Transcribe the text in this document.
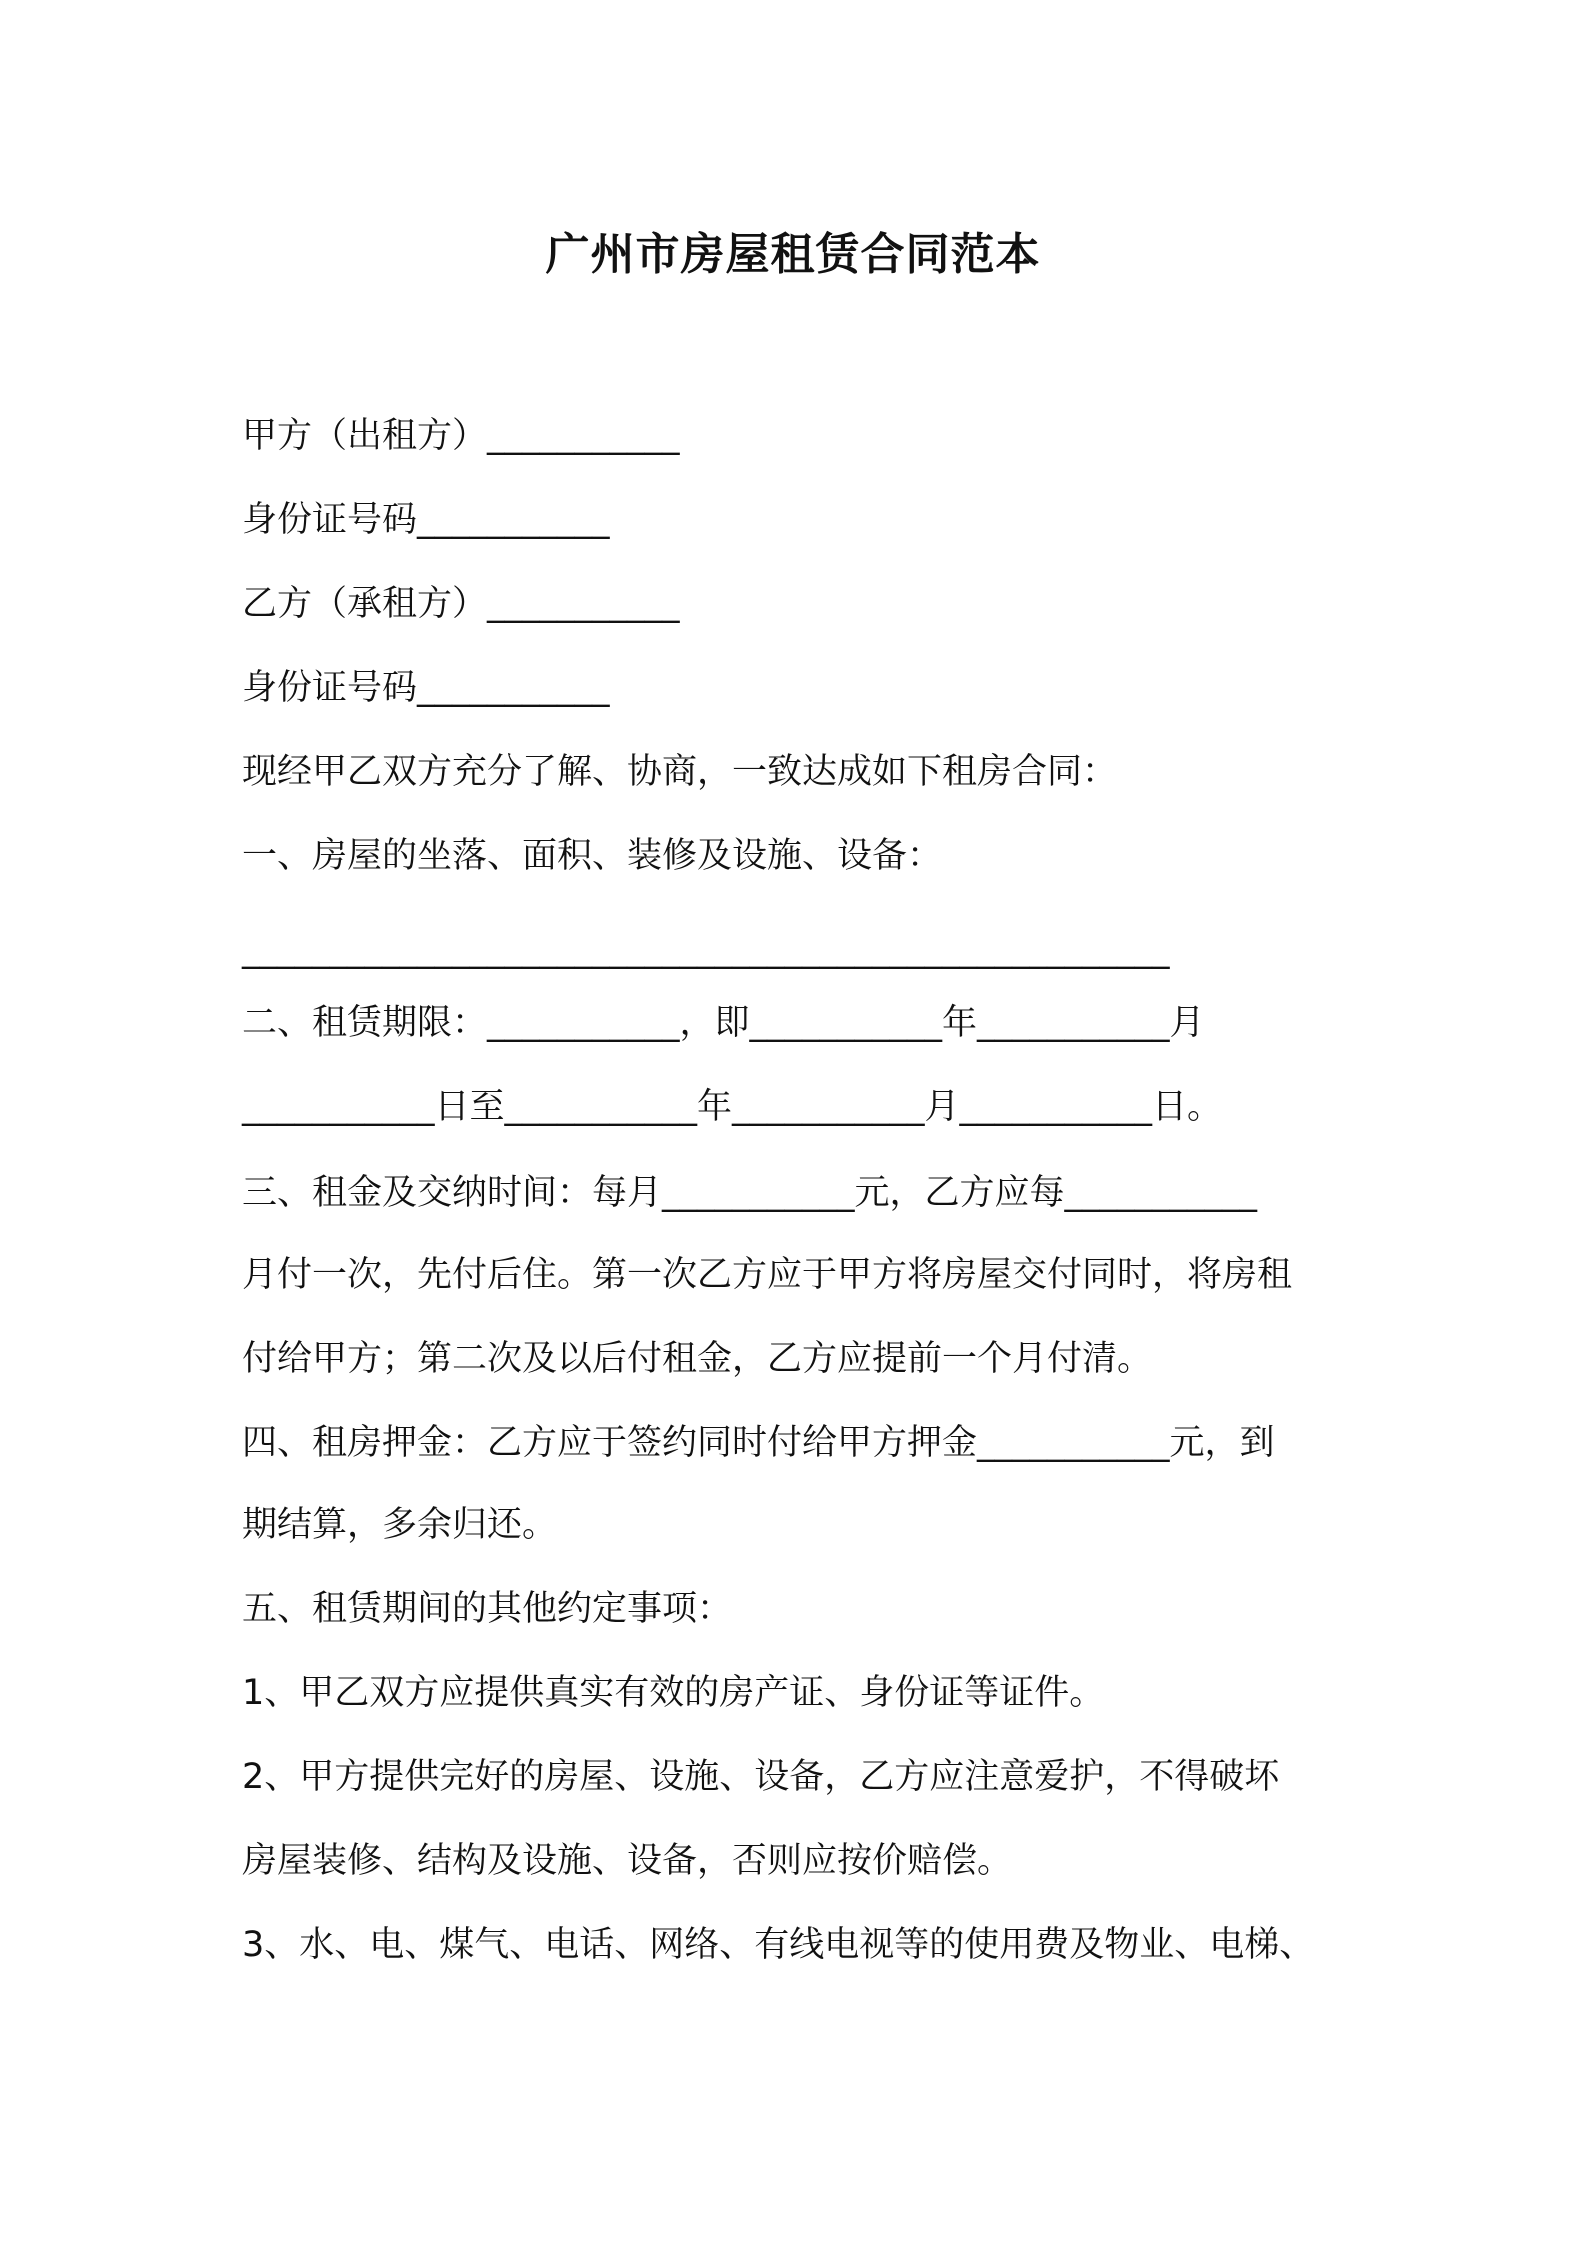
广州市房屋租赁合同范本
甲方（出租方）___________
身份证号码___________
乙方（承租方）___________
身份证号码___________
现经甲乙双方充分了解、协商，一致达成如下租房合同：
一、房屋的坐落、面积、装修及设施、设备：
_____________________________________________________
二、租赁期限：___________，即___________年___________月
___________日至___________年___________月___________日。
三、租金及交纳时间：每月___________元，乙方应每___________
月付一次，先付后住。第一次乙方应于甲方将房屋交付同时，将房租
付给甲方；第二次及以后付租金，乙方应提前一个月付清。
四、租房押金：乙方应于签约同时付给甲方押金___________元，到
期结算，多余归还。
五、租赁期间的其他约定事项：
1、甲乙双方应提供真实有效的房产证、身份证等证件。
2、甲方提供完好的房屋、设施、设备，乙方应注意爱护，不得破坏
房屋装修、结构及设施、设备，否则应按价赔偿。
3、水、电、煤气、电话、网络、有线电视等的使用费及物业、电梯、
